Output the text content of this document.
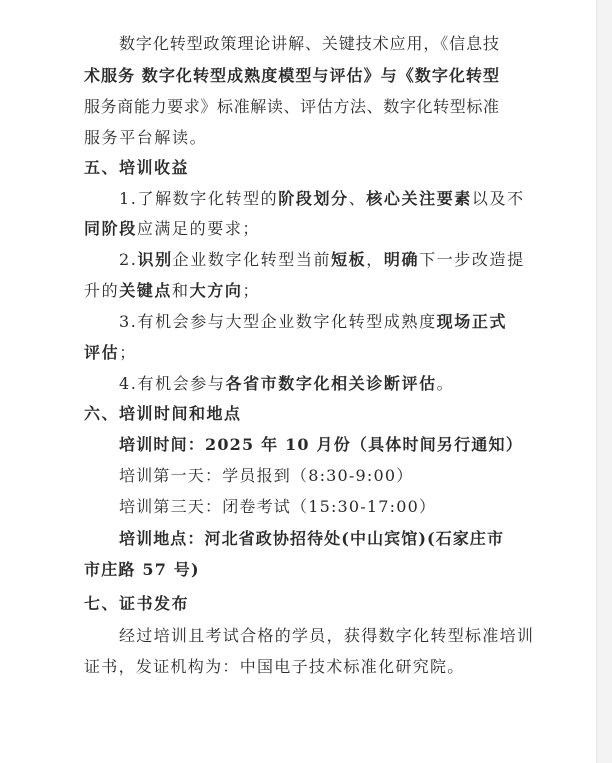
数字化转型政策理论讲解、关键技术应用，《信息技
术服务 数字化转型成熟度模型与评估》与《数字化转型
服务商能力要求》标准解读、评估方法、数字化转型标准
服务平台解读。
五、培训收益
1.了解数字化转型的阶段划分、核心关注要素以及不
同阶段应满足的要求；
2.识别企业数字化转型当前短板，明确下一步改造提
升的关键点和大方向；
3.有机会参与大型企业数字化转型成熟度现场正式
评估；
4.有机会参与各省市数字化相关诊断评估。
六、培训时间和地点
培训时间：2025 年 10 月份（具体时间另行通知）
培训第一天：学员报到（8:30-9:00）
培训第三天：闭卷考试（15:30-17:00）
培训地点：河北省政协招待处(中山宾馆)(石家庄市
市庄路 57 号)
七、证书发布
经过培训且考试合格的学员，获得数字化转型标准培训
证书，发证机构为：中国电子技术标准化研究院。
